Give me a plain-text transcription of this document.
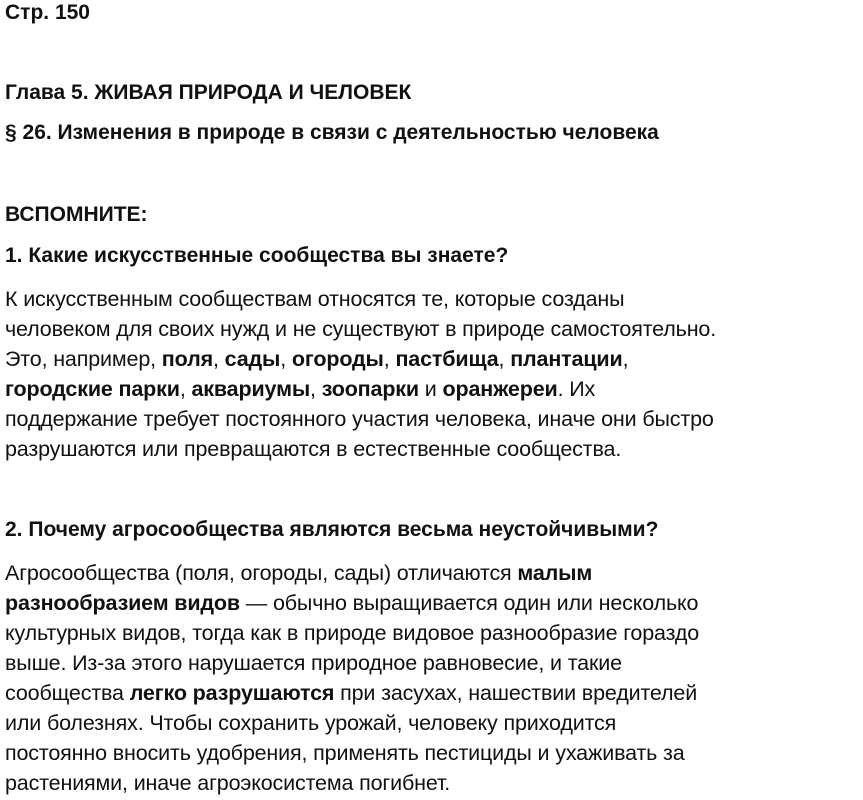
Стр. 150
Глава 5. ЖИВАЯ ПРИРОДА И ЧЕЛОВЕК
§ 26. Изменения в природе в связи с деятельностью человека
ВСПОМНИТЕ:
1. Какие искусственные сообщества вы знаете?
К искусственным сообществам относятся те, которые созданы
человеком для своих нужд и не существуют в природе самостоятельно.
Это, например, поля, сады, огороды, пастбища, плантации,
городские парки, аквариумы, зоопарки и оранжереи. Их
поддержание требует постоянного участия человека, иначе они быстро
разрушаются или превращаются в естественные сообщества.
2. Почему агросообщества являются весьма неустойчивыми?
Агросообщества (поля, огороды, сады) отличаются малым
разнообразием видов — обычно выращивается один или несколько
культурных видов, тогда как в природе видовое разнообразие гораздо
выше. Из-за этого нарушается природное равновесие, и такие
сообщества легко разрушаются при засухах, нашествии вредителей
или болезнях. Чтобы сохранить урожай, человеку приходится
постоянно вносить удобрения, применять пестициды и ухаживать за
растениями, иначе агроэкосистема погибнет.
